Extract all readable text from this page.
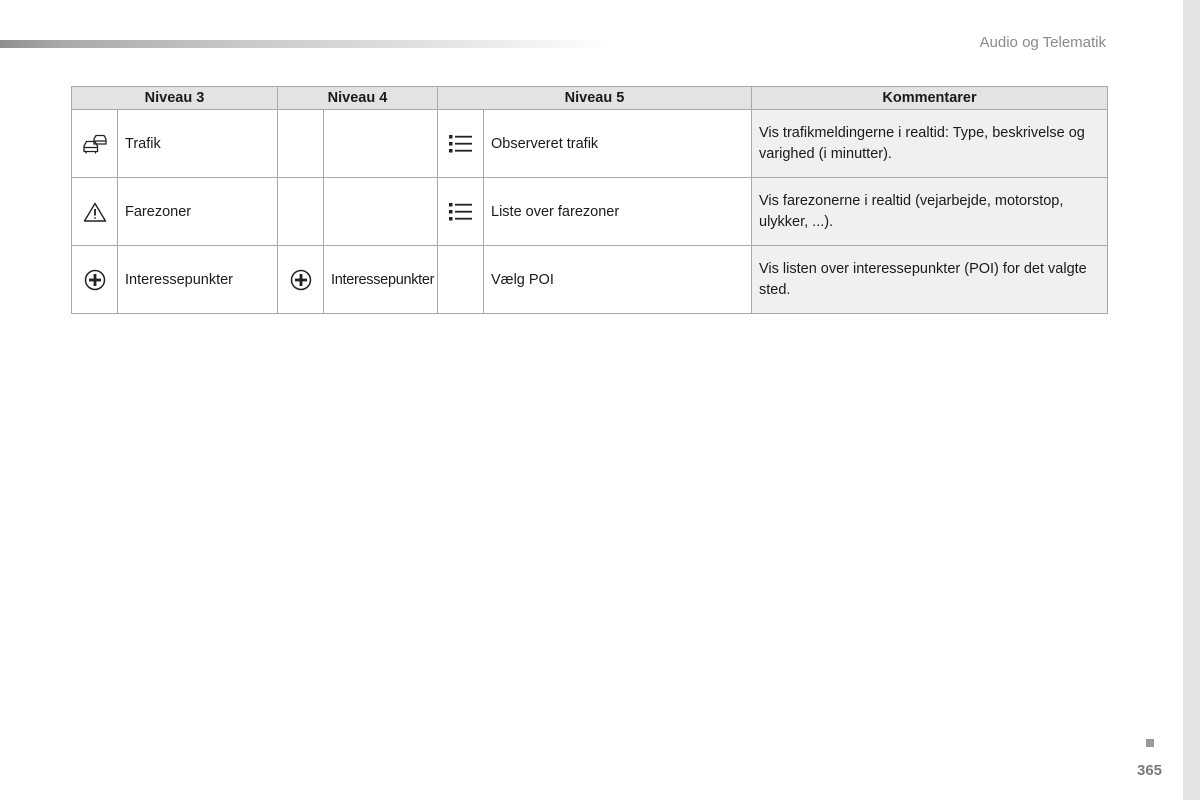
Audio og Telematik
Niveau 3		Niveau 4		Niveau 5		Kommentarer
	Trafik				Observeret trafik	Vis trafikmeldingerne i realtid: Type, beskrivelse og varighed (i minutter).
	Farezoner				Liste over farezoner	Vis farezonerne i realtid (vejarbejde, motorstop, ulykker, ...).
	Interessepunkter		Interessepunkter		Vælg POI	Vis listen over interessepunkter (POI) for det valgte sted.
365
